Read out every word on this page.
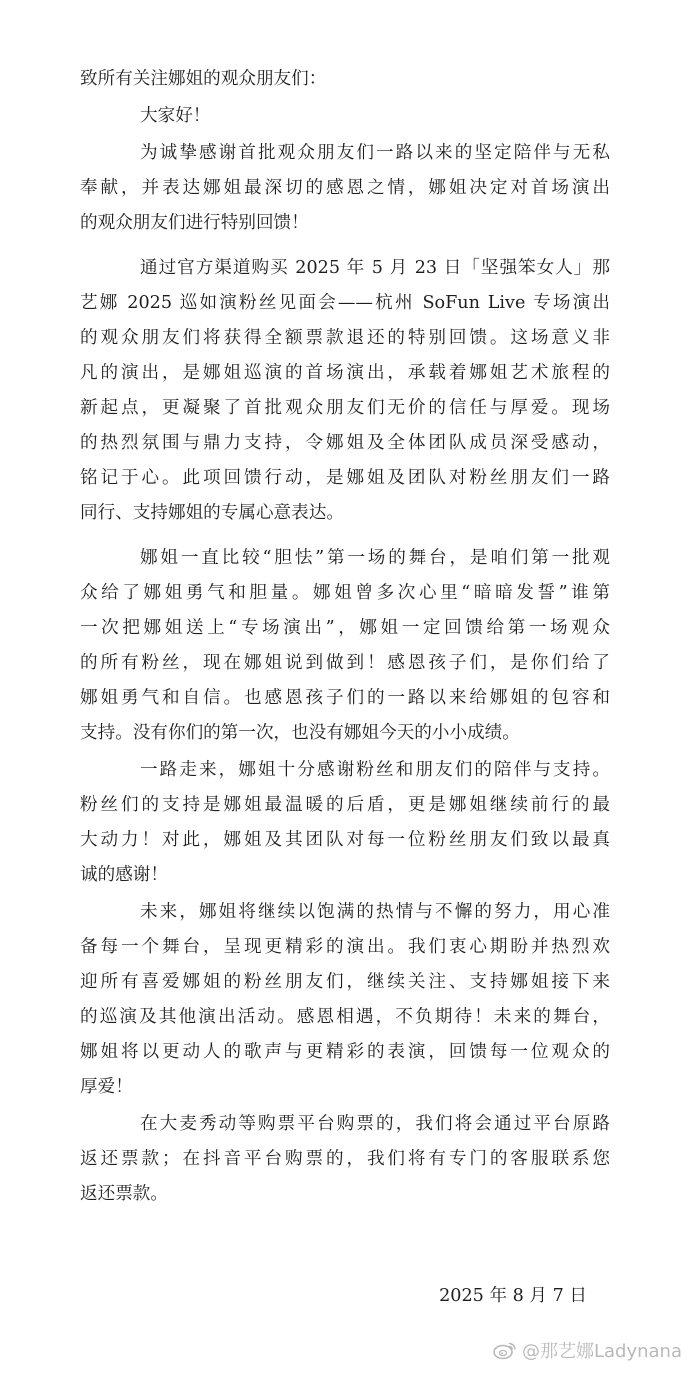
致所有关注娜姐的观众朋友们：
大家好！
为诚挚感谢首批观众朋友们一路以来的坚定陪伴与无私
奉献，并表达娜姐最深切的感恩之情，娜姐决定对首场演出
的观众朋友们进行特别回馈！
通过官方渠道购买 2025 年 5 月 23 日「坚强笨女人」那
艺娜 2025 巡如演粉丝见面会——杭州 SoFun Live 专场演出
的观众朋友们将获得全额票款退还的特别回馈。这场意义非
凡的演出，是娜姐巡演的首场演出，承载着娜姐艺术旅程的
新起点，更凝聚了首批观众朋友们无价的信任与厚爱。现场
的热烈氛围与鼎力支持，令娜姐及全体团队成员深受感动，
铭记于心。此项回馈行动，是娜姐及团队对粉丝朋友们一路
同行、支持娜姐的专属心意表达。
娜姐一直比较“胆怯”第一场的舞台，是咱们第一批观
众给了娜姐勇气和胆量。娜姐曾多次心里“暗暗发誓”谁第
一次把娜姐送上“专场演出”，娜姐一定回馈给第一场观众
的所有粉丝，现在娜姐说到做到！感恩孩子们，是你们给了
娜姐勇气和自信。也感恩孩子们的一路以来给娜姐的包容和
支持。没有你们的第一次，也没有娜姐今天的小小成绩。
一路走来，娜姐十分感谢粉丝和朋友们的陪伴与支持。
粉丝们的支持是娜姐最温暖的后盾，更是娜姐继续前行的最
大动力！对此，娜姐及其团队对每一位粉丝朋友们致以最真
诚的感谢！
未来，娜姐将继续以饱满的热情与不懈的努力，用心准
备每一个舞台，呈现更精彩的演出。我们衷心期盼并热烈欢
迎所有喜爱娜姐的粉丝朋友们，继续关注、支持娜姐接下来
的巡演及其他演出活动。感恩相遇，不负期待！未来的舞台，
娜姐将以更动人的歌声与更精彩的表演，回馈每一位观众的
厚爱！
在大麦秀动等购票平台购票的，我们将会通过平台原路
返还票款；在抖音平台购票的，我们将有专门的客服联系您
返还票款。
2025 年 8 月 7 日
@那艺娜Ladynana
